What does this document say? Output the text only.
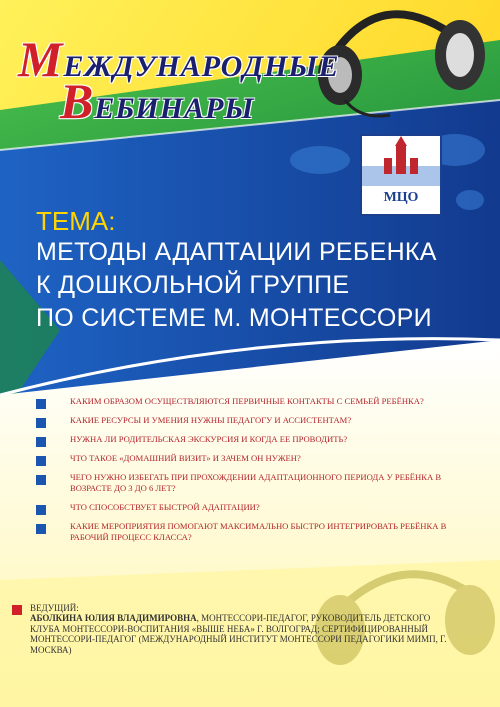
МЕЖДУНАРОДНЫЕ
ВЕБИНАРЫ
МЦО
ТЕМА:
МЕТОДЫ АДАПТАЦИИ РЕБЕНКА
К ДОШКОЛЬНОЙ ГРУППЕ
ПО СИСТЕМЕ М. МОНТЕССОРИ
КАКИМ ОБРАЗОМ ОСУЩЕСТВЛЯЮТСЯ ПЕРВИЧНЫЕ КОНТАКТЫ С СЕМЬЕЙ РЕБЁНКА?
КАКИЕ РЕСУРСЫ И УМЕНИЯ НУЖНЫ ПЕДАГОГУ И АССИСТЕНТАМ?
НУЖНА ЛИ РОДИТЕЛЬСКАЯ ЭКСКУРСИЯ И КОГДА ЕЕ ПРОВОДИТЬ?
ЧТО ТАКОЕ «ДОМАШНИЙ ВИЗИТ» И ЗАЧЕМ ОН НУЖЕН?
ЧЕГО НУЖНО ИЗБЕГАТЬ ПРИ ПРОХОЖДЕНИИ АДАПТАЦИОННОГО ПЕРИОДА У РЕБЁНКА В ВОЗРАСТЕ ДО 3 ДО 6 ЛЕТ?
ЧТО СПОСОБСТВУЕТ БЫСТРОЙ АДАПТАЦИИ?
КАКИЕ МЕРОПРИЯТИЯ ПОМОГАЮТ МАКСИМАЛЬНО БЫСТРО ИНТЕГРИРОВАТЬ РЕБЁНКА В РАБОЧИЙ ПРОЦЕСС КЛАССА?
ВЕДУЩИЙ:
АБОЛКИНА ЮЛИЯ ВЛАДИМИРОВНА, МОНТЕССОРИ-ПЕДАГОГ, РУКОВОДИТЕЛЬ ДЕТСКОГО КЛУБА МОНТЕССОРИ-ВОСПИТАНИЯ «ВЫШЕ НЕБА» Г. ВОЛГОГРАД; СЕРТИФИЦИРОВАННЫЙ МОНТЕССОРИ-ПЕДАГОГ (МЕЖДУНАРОДНЫЙ ИНСТИТУТ МОНТЕССОРИ ПЕДАГОГИКИ МИМП, Г. МОСКВА)
